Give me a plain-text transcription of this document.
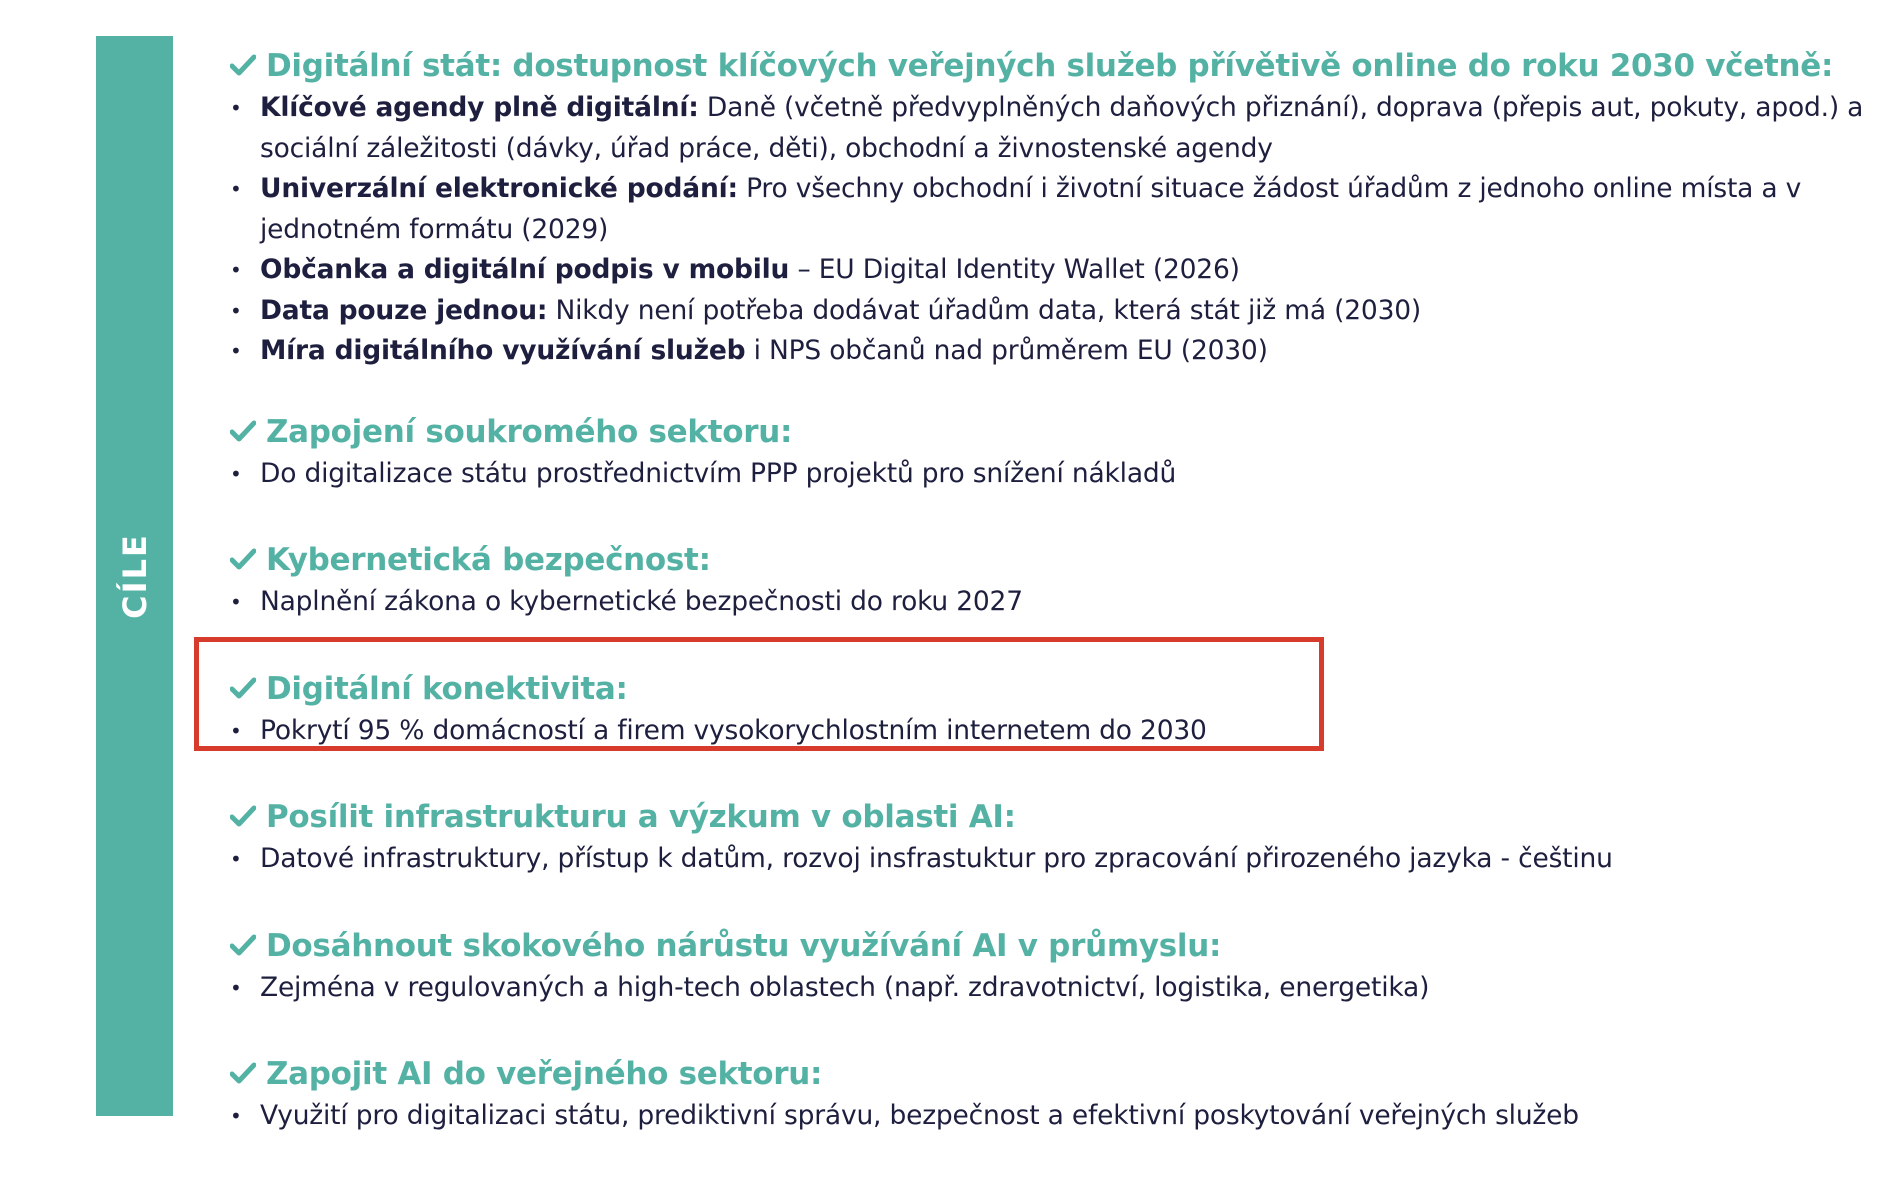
CÍLE
Digitální stát: dostupnost klíčových veřejných služeb přívětivě online do roku 2030 včetně:
• Klíčové agendy plně digitální: Daně (včetně předvyplněných daňových přiznání), doprava (přepis aut, pokuty, apod.) a sociální záležitosti (dávky, úřad práce, děti), obchodní a živnostenské agendy
• Univerzální elektronické podání: Pro všechny obchodní i životní situace žádost úřadům z jednoho online místa a v jednotném formátu (2029)
• Občanka a digitální podpis v mobilu – EU Digital Identity Wallet (2026)
• Data pouze jednou: Nikdy není potřeba dodávat úřadům data, která stát již má (2030)
• Míra digitálního využívání služeb i NPS občanů nad průměrem EU (2030)
Zapojení soukromého sektoru:
• Do digitalizace státu prostřednictvím PPP projektů pro snížení nákladů
Kybernetická bezpečnost:
• Naplnění zákona o kybernetické bezpečnosti do roku 2027
Digitální konektivita:
• Pokrytí 95 % domácností a firem vysokorychlostním internetem do 2030
Posílit infrastrukturu a výzkum v oblasti AI:
• Datové infrastruktury, přístup k datům, rozvoj insfrastuktur pro zpracování přirozeného jazyka - češtinu
Dosáhnout skokového nárůstu využívání AI v průmyslu:
• Zejména v regulovaných a high-tech oblastech (např. zdravotnictví, logistika, energetika)
Zapojit AI do veřejného sektoru:
• Využití pro digitalizaci státu, prediktivní správu, bezpečnost a efektivní poskytování veřejných služeb
